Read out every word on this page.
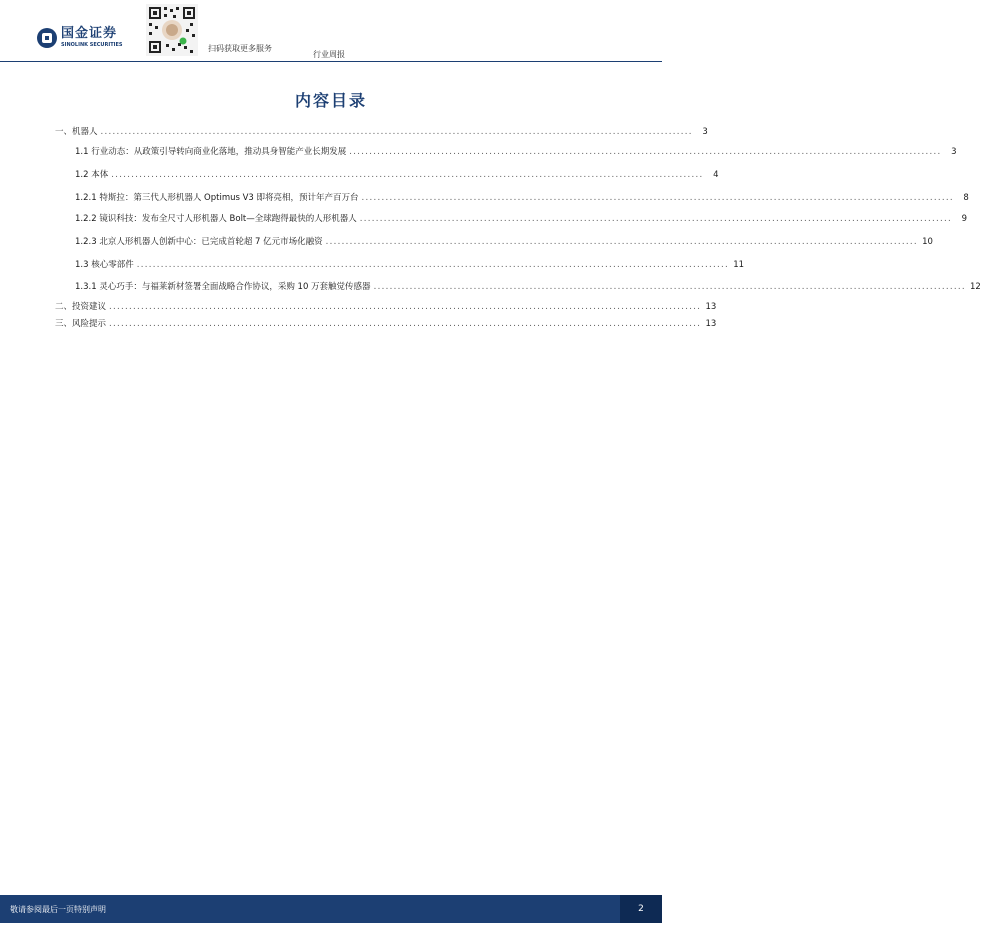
国金证券
SINOLINK SECURITIES	扫码获取更多服务
行业周报
内容目录
一、机器人 ....................................................................................................................................................	3
1.1 行业动态：从政策引导转向商业化落地，推动具身智能产业长期发展 ....................................................................................................................................................	3
1.2 本体 ....................................................................................................................................................	4
1.2.1 特斯拉：第三代人形机器人 Optimus V3 即将亮相，预计年产百万台 ....................................................................................................................................................	8
1.2.2 镜识科技：发布全尺寸人形机器人 Bolt—全球跑得最快的人形机器人 ....................................................................................................................................................	9
1.2.3 北京人形机器人创新中心：已完成首轮超 7 亿元市场化融资 .................................................................................................................................................... 10
1.3 核心零部件 .................................................................................................................................................... 11
1.3.1 灵心巧手：与福莱新材签署全面战略合作协议，采购 10 万套触觉传感器 .................................................................................................................................................... 12
二、投资建议 .................................................................................................................................................... 13
三、风险提示 .................................................................................................................................................... 13
敬请参阅最后一页特别声明	2
